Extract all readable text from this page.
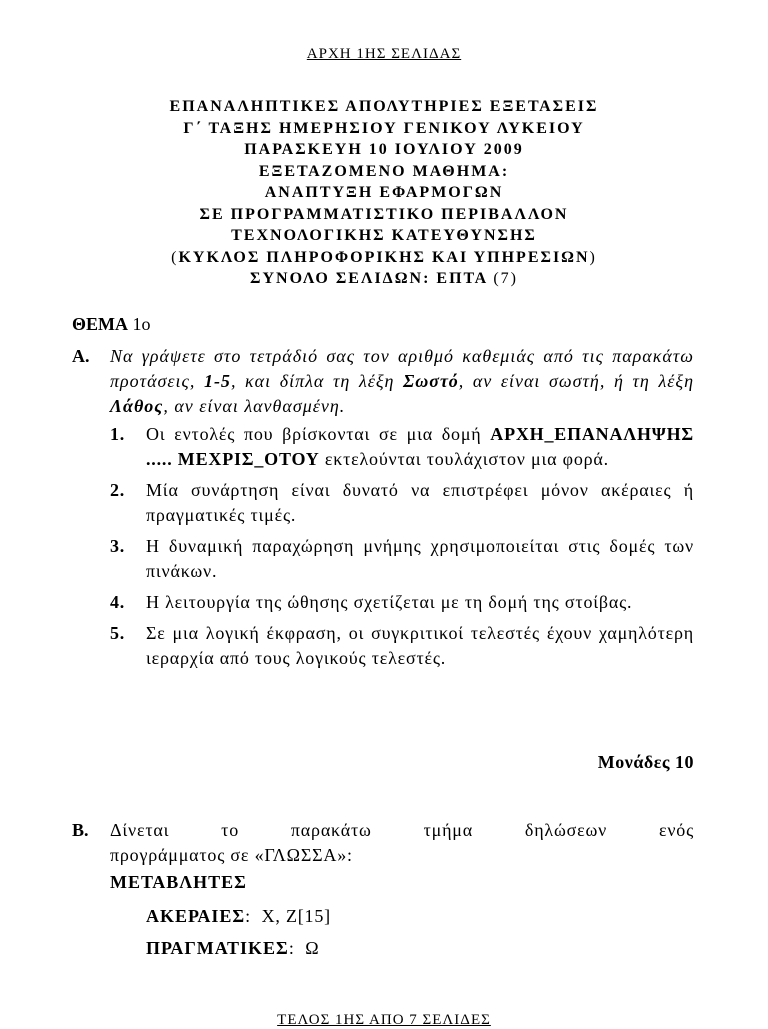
ΑΡΧΗ 1ΗΣ ΣΕΛΙΔΑΣ
ΕΠΑΝΑΛΗΠΤΙΚΕΣ ΑΠΟΛΥΤΗΡΙΕΣ ΕΞΕΤΑΣΕΙΣ
Γ΄ ΤΑΞΗΣ ΗΜΕΡΗΣΙΟΥ ΓΕΝΙΚΟΥ ΛΥΚΕΙΟΥ
ΠΑΡΑΣΚΕΥΗ 10 ΙΟΥΛΙΟΥ 2009
ΕΞΕΤΑΖΟΜΕΝΟ ΜΑΘΗΜΑ:
ΑΝΑΠΤΥΞΗ ΕΦΑΡΜΟΓΩΝ
ΣΕ ΠΡΟΓΡΑΜΜΑΤΙΣΤΙΚΟ ΠΕΡΙΒΑΛΛΟΝ
ΤΕΧΝΟΛΟΓΙΚΗΣ ΚΑΤΕΥΘΥΝΣΗΣ
(ΚΥΚΛΟΣ ΠΛΗΡΟΦΟΡΙΚΗΣ ΚΑΙ ΥΠΗΡΕΣΙΩΝ)
ΣΥΝΟΛΟ ΣΕΛΙΔΩΝ: ΕΠΤΑ (7)
ΘΕΜΑ 1ο
Α. Να γράψετε στο τετράδιό σας τον αριθμό καθεμιάς από τις παρακάτω προτάσεις, 1-5, και δίπλα τη λέξη Σωστό, αν είναι σωστή, ή τη λέξη Λάθος, αν είναι λανθασμένη.
1. Οι εντολές που βρίσκονται σε μια δομή ΑΡΧΗ_ΕΠΑΝΑΛΗΨΗΣ ..... ΜΕΧΡΙΣ_ΟΤΟΥ εκτελούνται τουλάχιστον μια φορά.
2. Μία συνάρτηση είναι δυνατό να επιστρέφει μόνον ακέραιες ή πραγματικές τιμές.
3. Η δυναμική παραχώρηση μνήμης χρησιμοποιείται στις δομές των πινάκων.
4. Η λειτουργία της ώθησης σχετίζεται με τη δομή της στοίβας.
5. Σε μια λογική έκφραση, οι συγκριτικοί τελεστές έχουν χαμηλότερη ιεραρχία από τους λογικούς τελεστές.
Μονάδες 10
Β. Δίνεται	το	παρακάτω	τμήμα	δηλώσεων	ενός
προγράμματος σε «ΓΛΩΣΣΑ»:
ΜΕΤΑΒΛΗΤΕΣ
ΑΚΕΡΑΙΕΣ: Χ, Ζ[15]
ΠΡΑΓΜΑΤΙΚΕΣ: Ω
ΤΕΛΟΣ 1ΗΣ ΑΠΟ 7 ΣΕΛΙΔΕΣ
